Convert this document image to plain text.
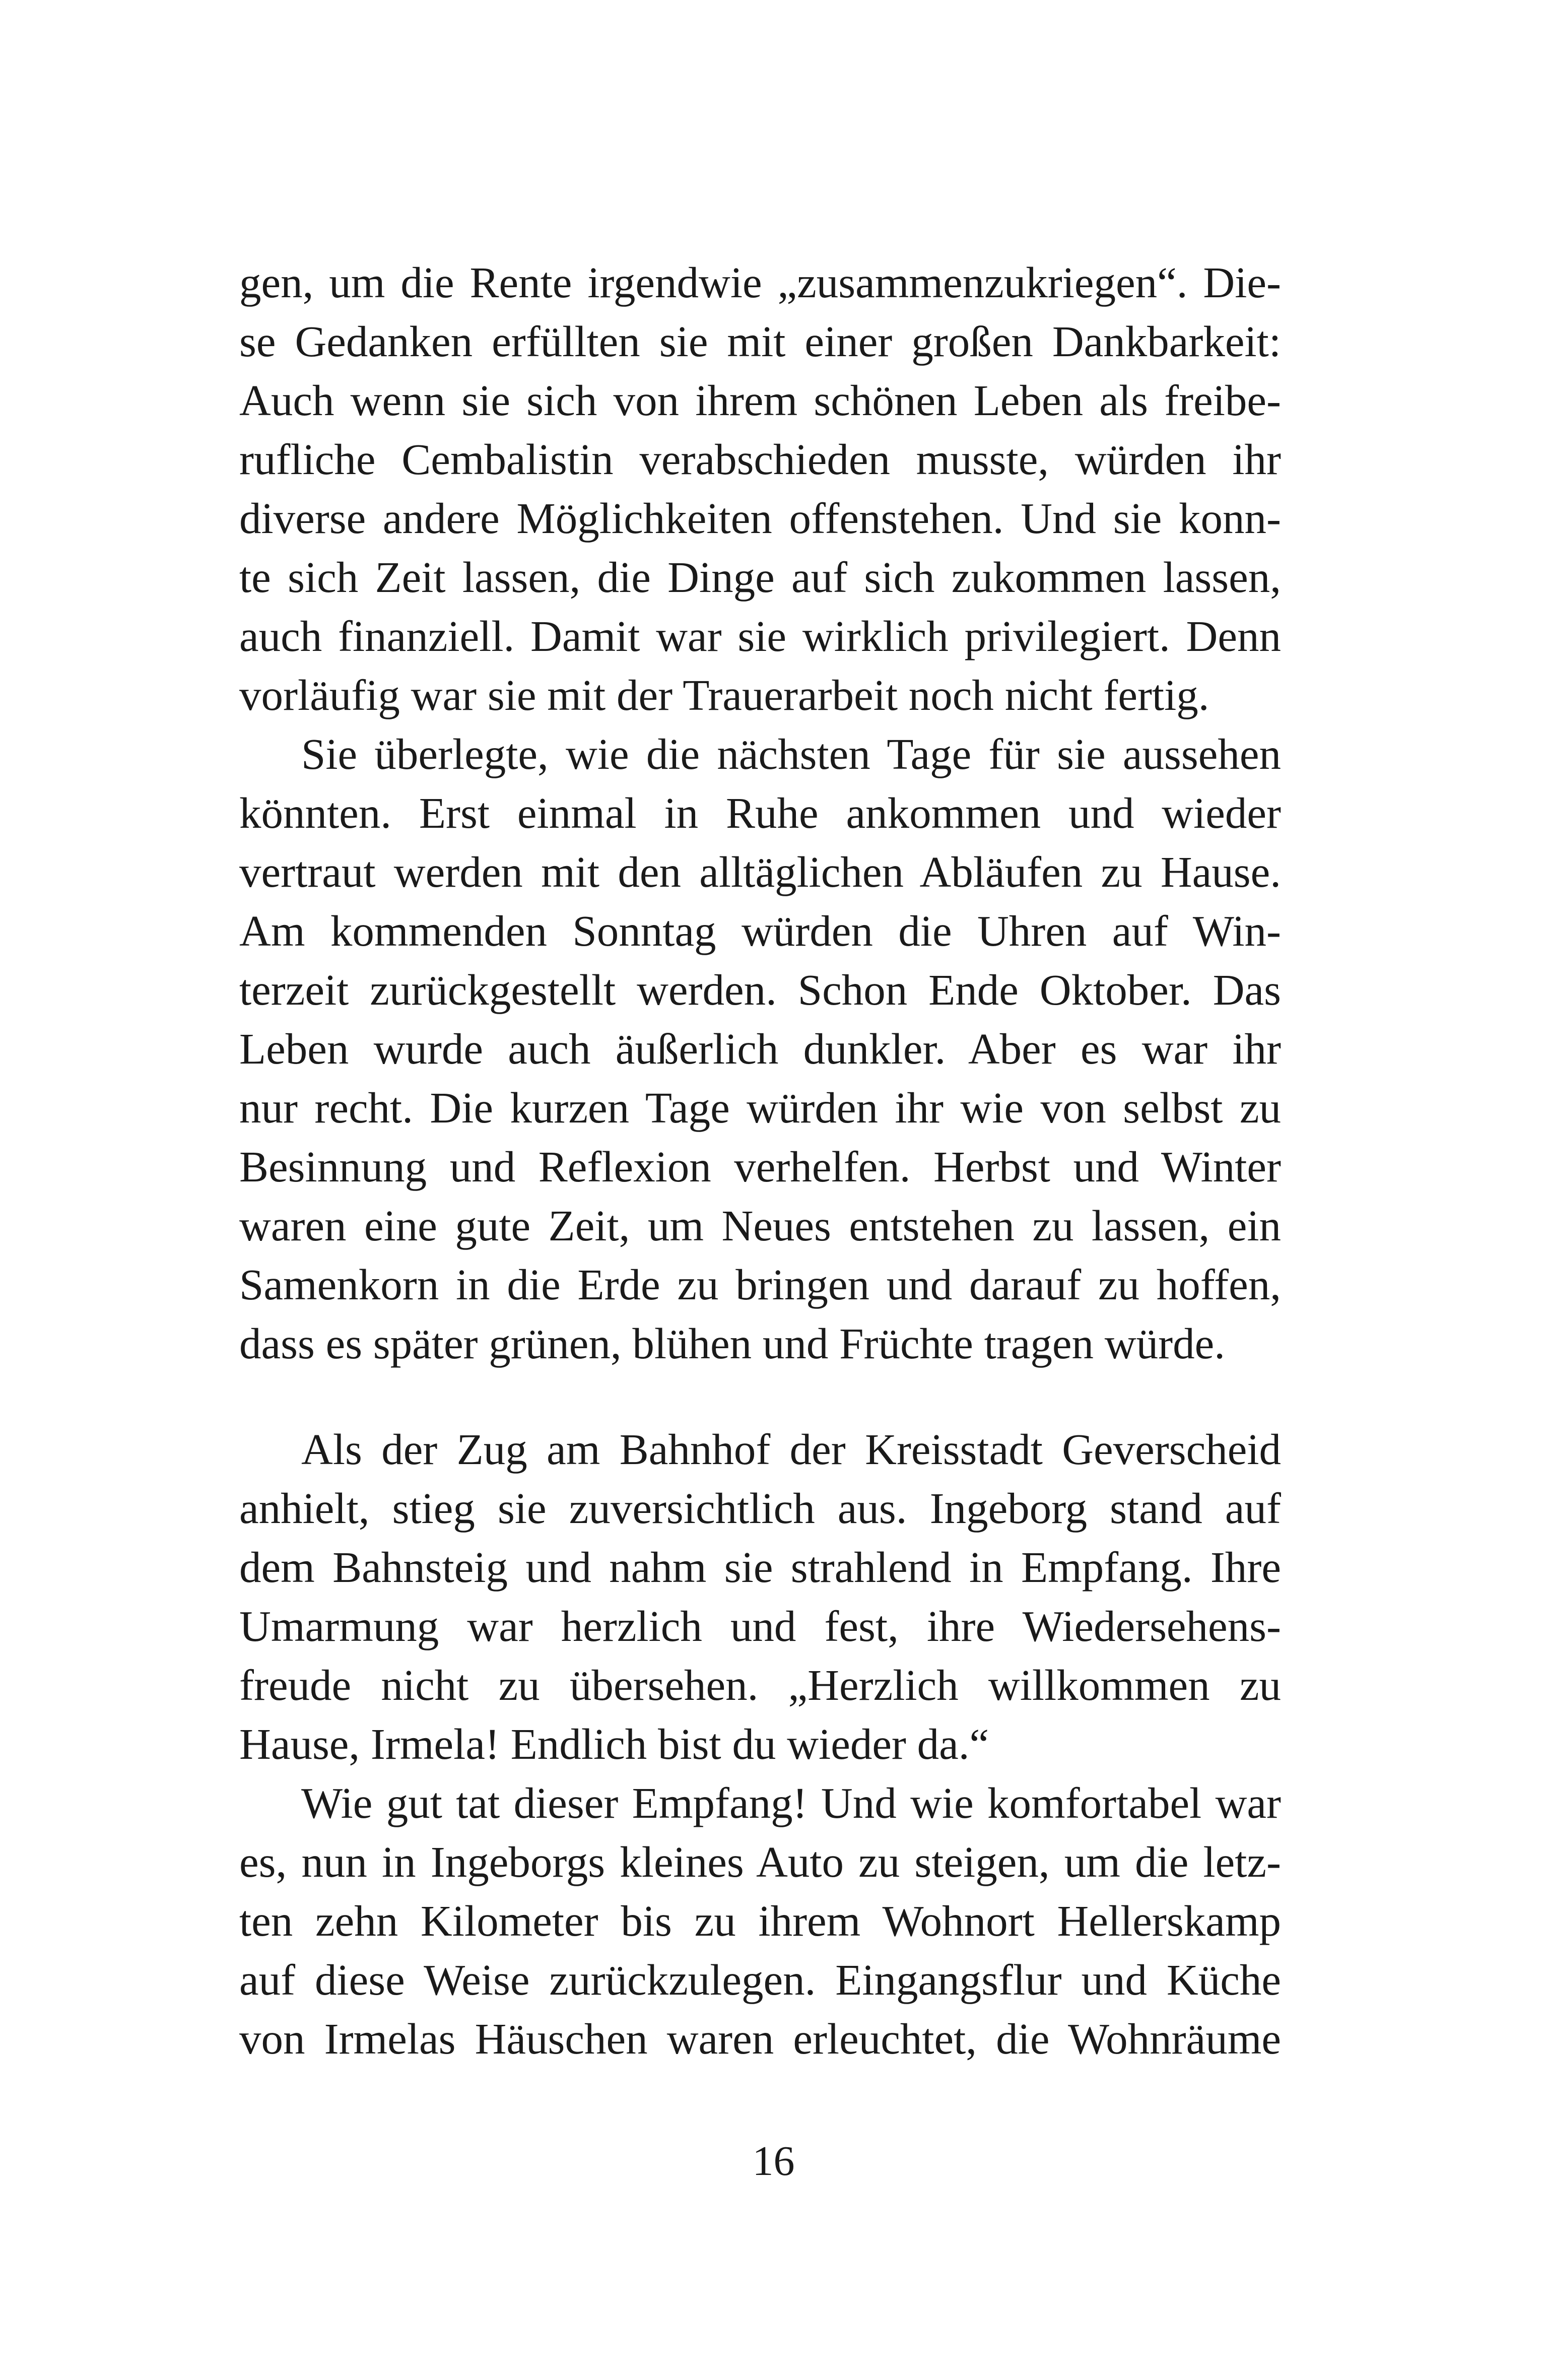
gen, um die Rente irgendwie „zusammenzukriegen“. Die-
se Gedanken erfüllten sie mit einer großen Dankbarkeit:
Auch wenn sie sich von ihrem schönen Leben als freibe-
rufliche Cembalistin verabschieden musste, würden ihr
diverse andere Möglichkeiten offenstehen. Und sie konn-
te sich Zeit lassen, die Dinge auf sich zukommen lassen,
auch finanziell. Damit war sie wirklich privilegiert. Denn
vorläufig war sie mit der Trauerarbeit noch nicht fertig.
Sie überlegte, wie die nächsten Tage für sie aussehen
könnten. Erst einmal in Ruhe ankommen und wieder
vertraut werden mit den alltäglichen Abläufen zu Hause.
Am kommenden Sonntag würden die Uhren auf Win-
terzeit zurückgestellt werden. Schon Ende Oktober. Das
Leben wurde auch äußerlich dunkler. Aber es war ihr
nur recht. Die kurzen Tage würden ihr wie von selbst zu
Besinnung und Reflexion verhelfen. Herbst und Winter
waren eine gute Zeit, um Neues entstehen zu lassen, ein
Samenkorn in die Erde zu bringen und darauf zu hoffen,
dass es später grünen, blühen und Früchte tragen würde.
Als der Zug am Bahnhof der Kreisstadt Geverscheid
anhielt, stieg sie zuversichtlich aus. Ingeborg stand auf
dem Bahnsteig und nahm sie strahlend in Empfang. Ihre
Umarmung war herzlich und fest, ihre Wiedersehens-
freude nicht zu übersehen. „Herzlich willkommen zu
Hause, Irmela! Endlich bist du wieder da.“
Wie gut tat dieser Empfang! Und wie komfortabel war
es, nun in Ingeborgs kleines Auto zu steigen, um die letz-
ten zehn Kilometer bis zu ihrem Wohnort Hellerskamp
auf diese Weise zurückzulegen. Eingangsflur und Küche
von Irmelas Häuschen waren erleuchtet, die Wohnräume
16
